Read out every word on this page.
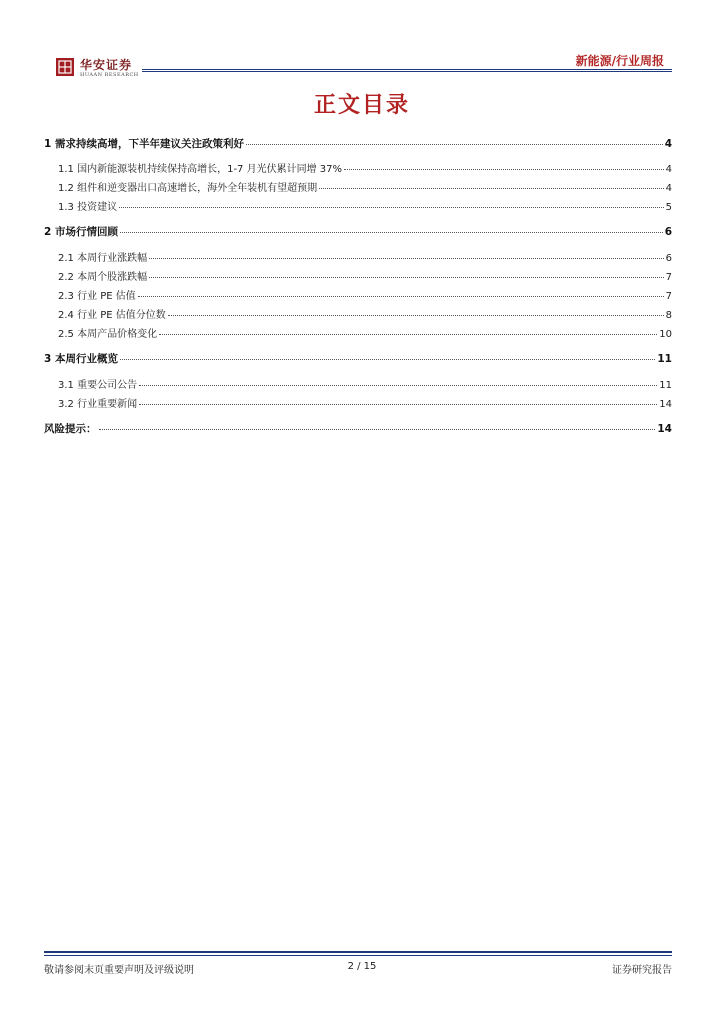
华安证券
HUAAN RESEARCH
新能源/行业周报
正文目录
1 需求持续高增，下半年建议关注政策利好	4
1.1 国内新能源装机持续保持高增长，1-7 月光伏累计同增 37%	4
1.2 组件和逆变器出口高速增长，海外全年装机有望超预期	4
1.3 投资建议	5
2 市场行情回顾	6
2.1 本周行业涨跌幅	6
2.2 本周个股涨跌幅	7
2.3 行业 PE 估值	7
2.4 行业 PE 估值分位数	8
2.5 本周产品价格变化	10
3 本周行业概览	11
3.1 重要公司公告	11
3.2 行业重要新闻	14
风险提示：	14
敬请参阅末页重要声明及评级说明	2 / 15	证券研究报告
